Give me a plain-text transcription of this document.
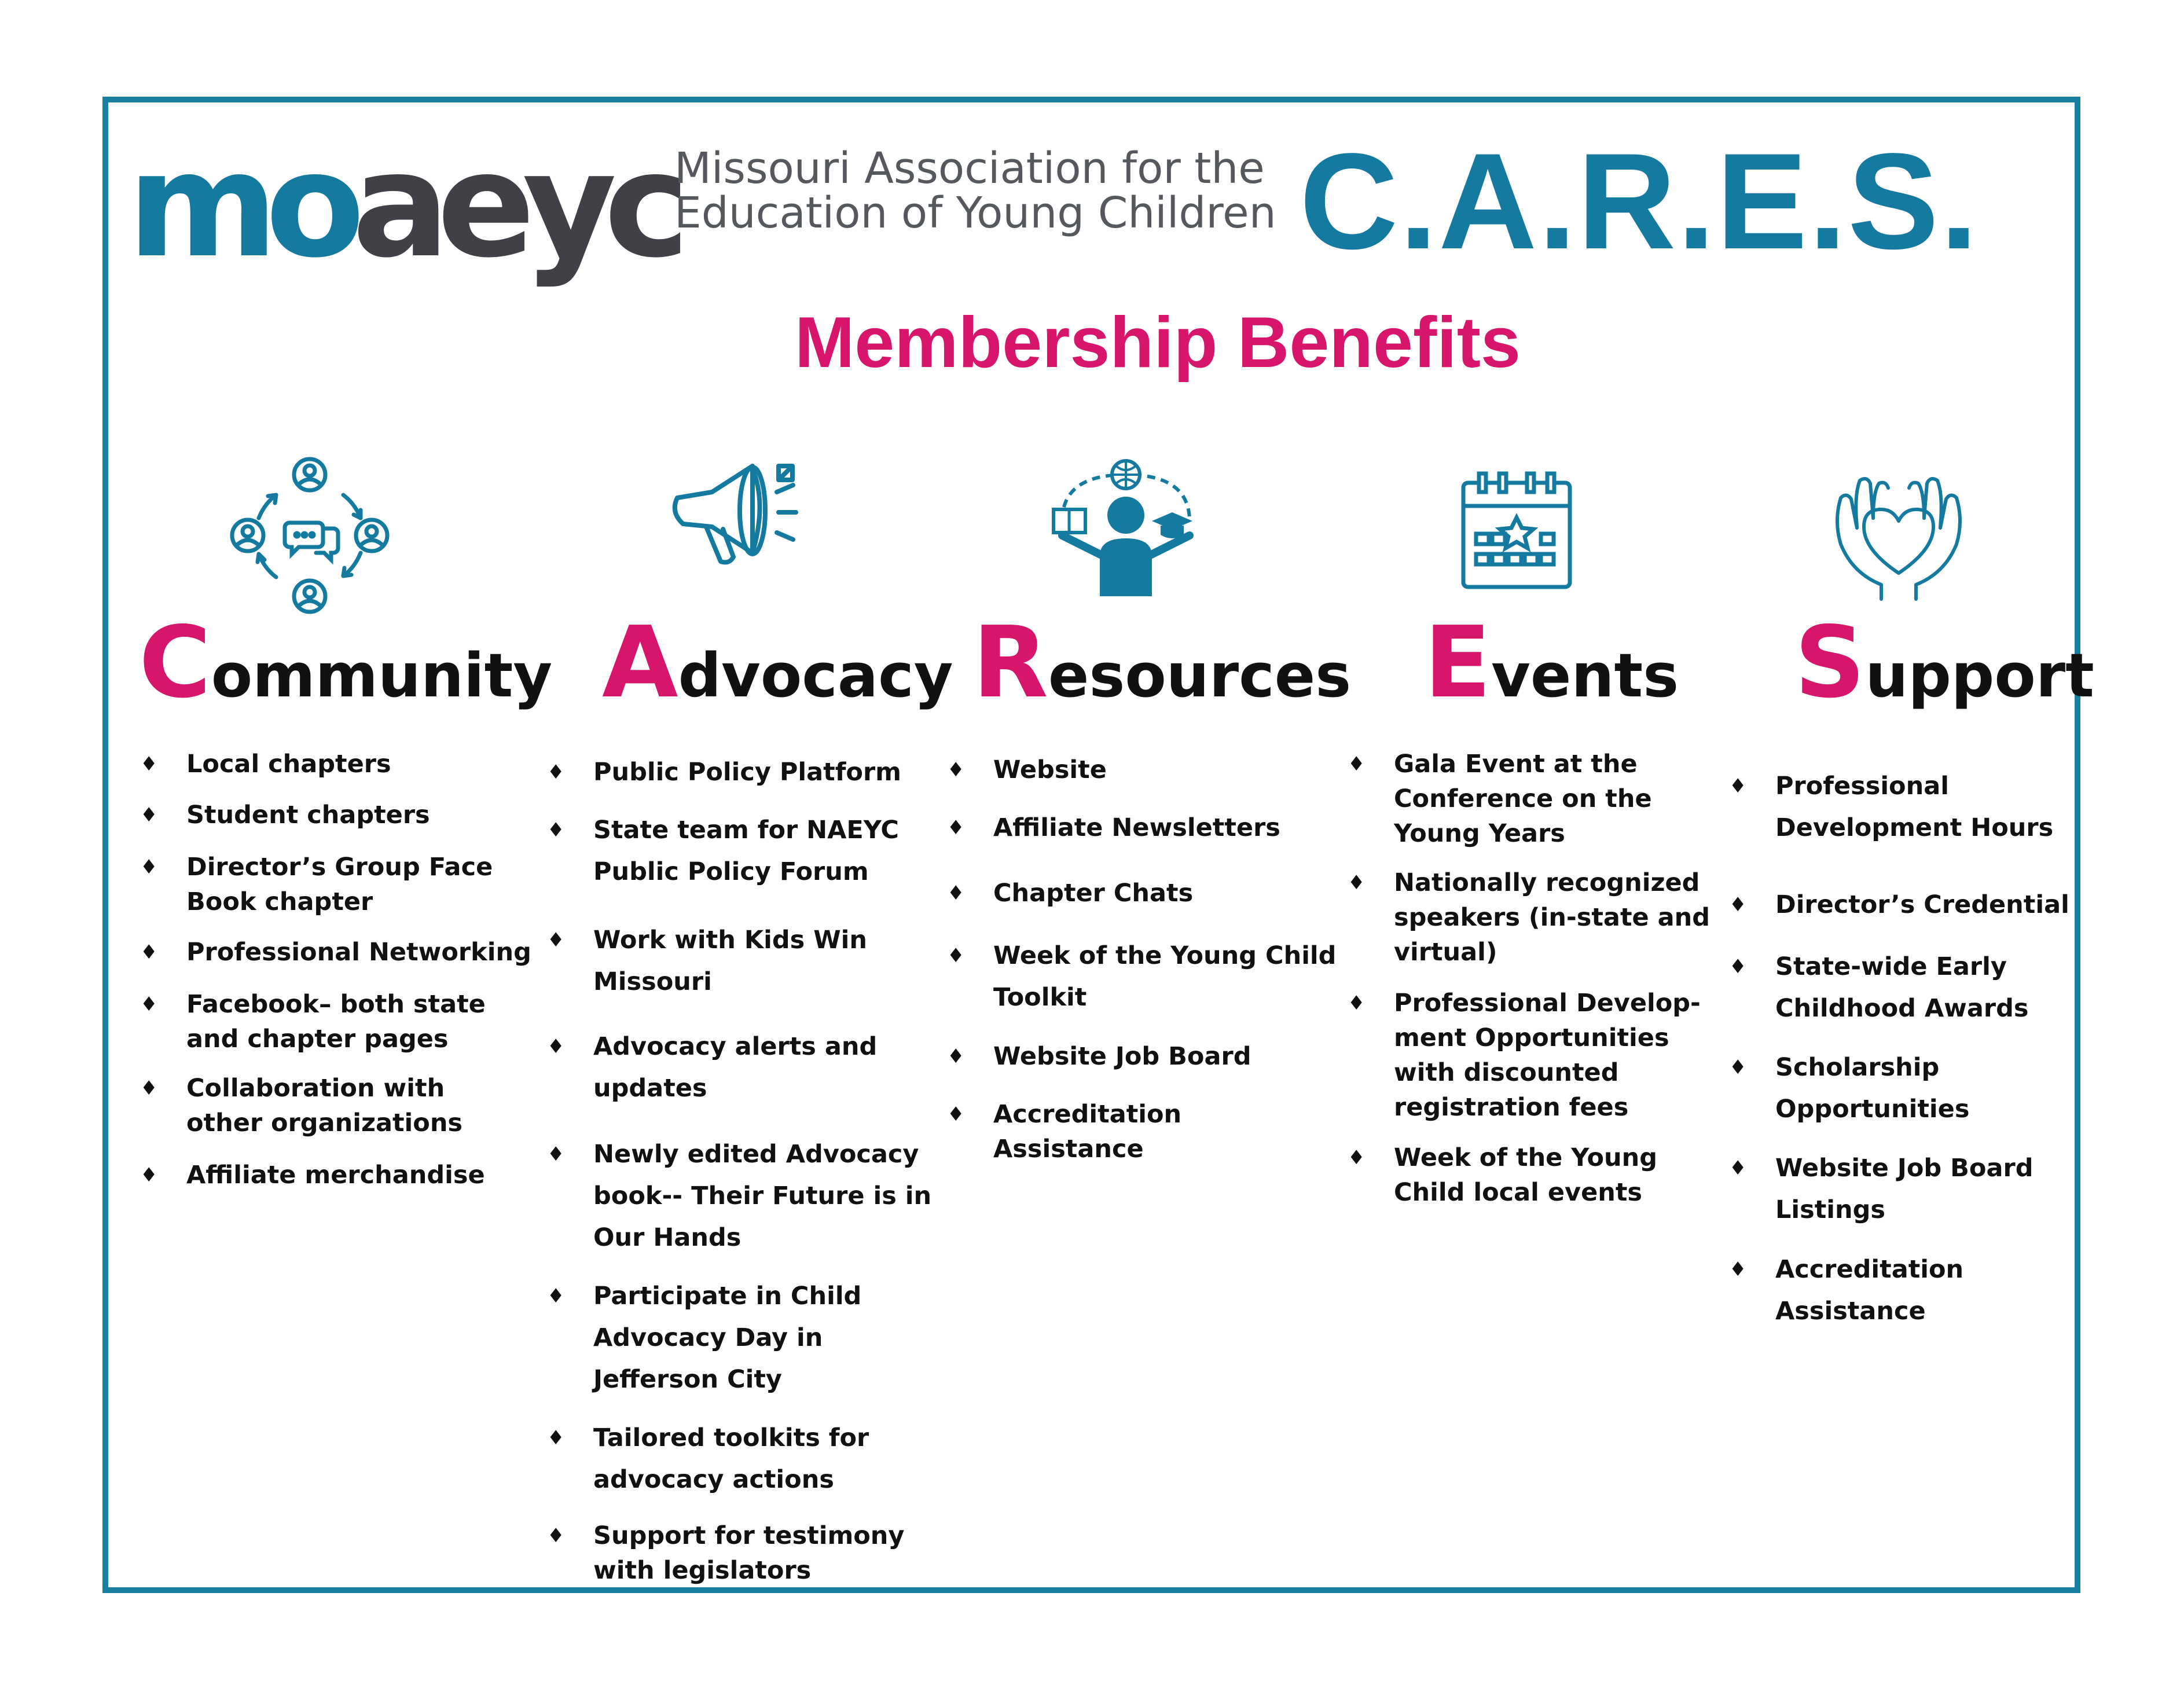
moaeyc
Missouri Association for the
Education of Young Children C.A.R.E.S.
Membership Benefits
Community Advocacy Resources Events Support
♦ Local chapters
♦ Student chapters
♦ Director’s Group Face
Book chapter
♦ Professional Networking
♦ Facebook– both state
and chapter pages
♦ Collaboration with
other organizations
♦ Affiliate merchandise
♦ Public Policy Platform
♦ State team for NAEYC
Public Policy Forum
♦ Work with Kids Win
Missouri
♦ Advocacy alerts and
updates
♦ Newly edited Advocacy
book-- Their Future is in
Our Hands
♦ Participate in Child
Advocacy Day in
Jefferson City
♦ Tailored toolkits for
advocacy actions
♦ Support for testimony
with legislators
♦ Website
♦ Affiliate Newsletters
♦ Chapter Chats
♦ Week of the Young Child
Toolkit
♦ Website Job Board
♦ Accreditation
Assistance
♦ Gala Event at the
Conference on the
Young Years
♦ Nationally recognized
speakers (in-state and
virtual)
♦ Professional Develop-
ment Opportunities
with discounted
registration fees
♦ Week of the Young
Child local events
♦ Professional
Development Hours
♦ Director’s Credential
♦ State-wide Early
Childhood Awards
♦ Scholarship
Opportunities
♦ Website Job Board
Listings
♦ Accreditation
Assistance
